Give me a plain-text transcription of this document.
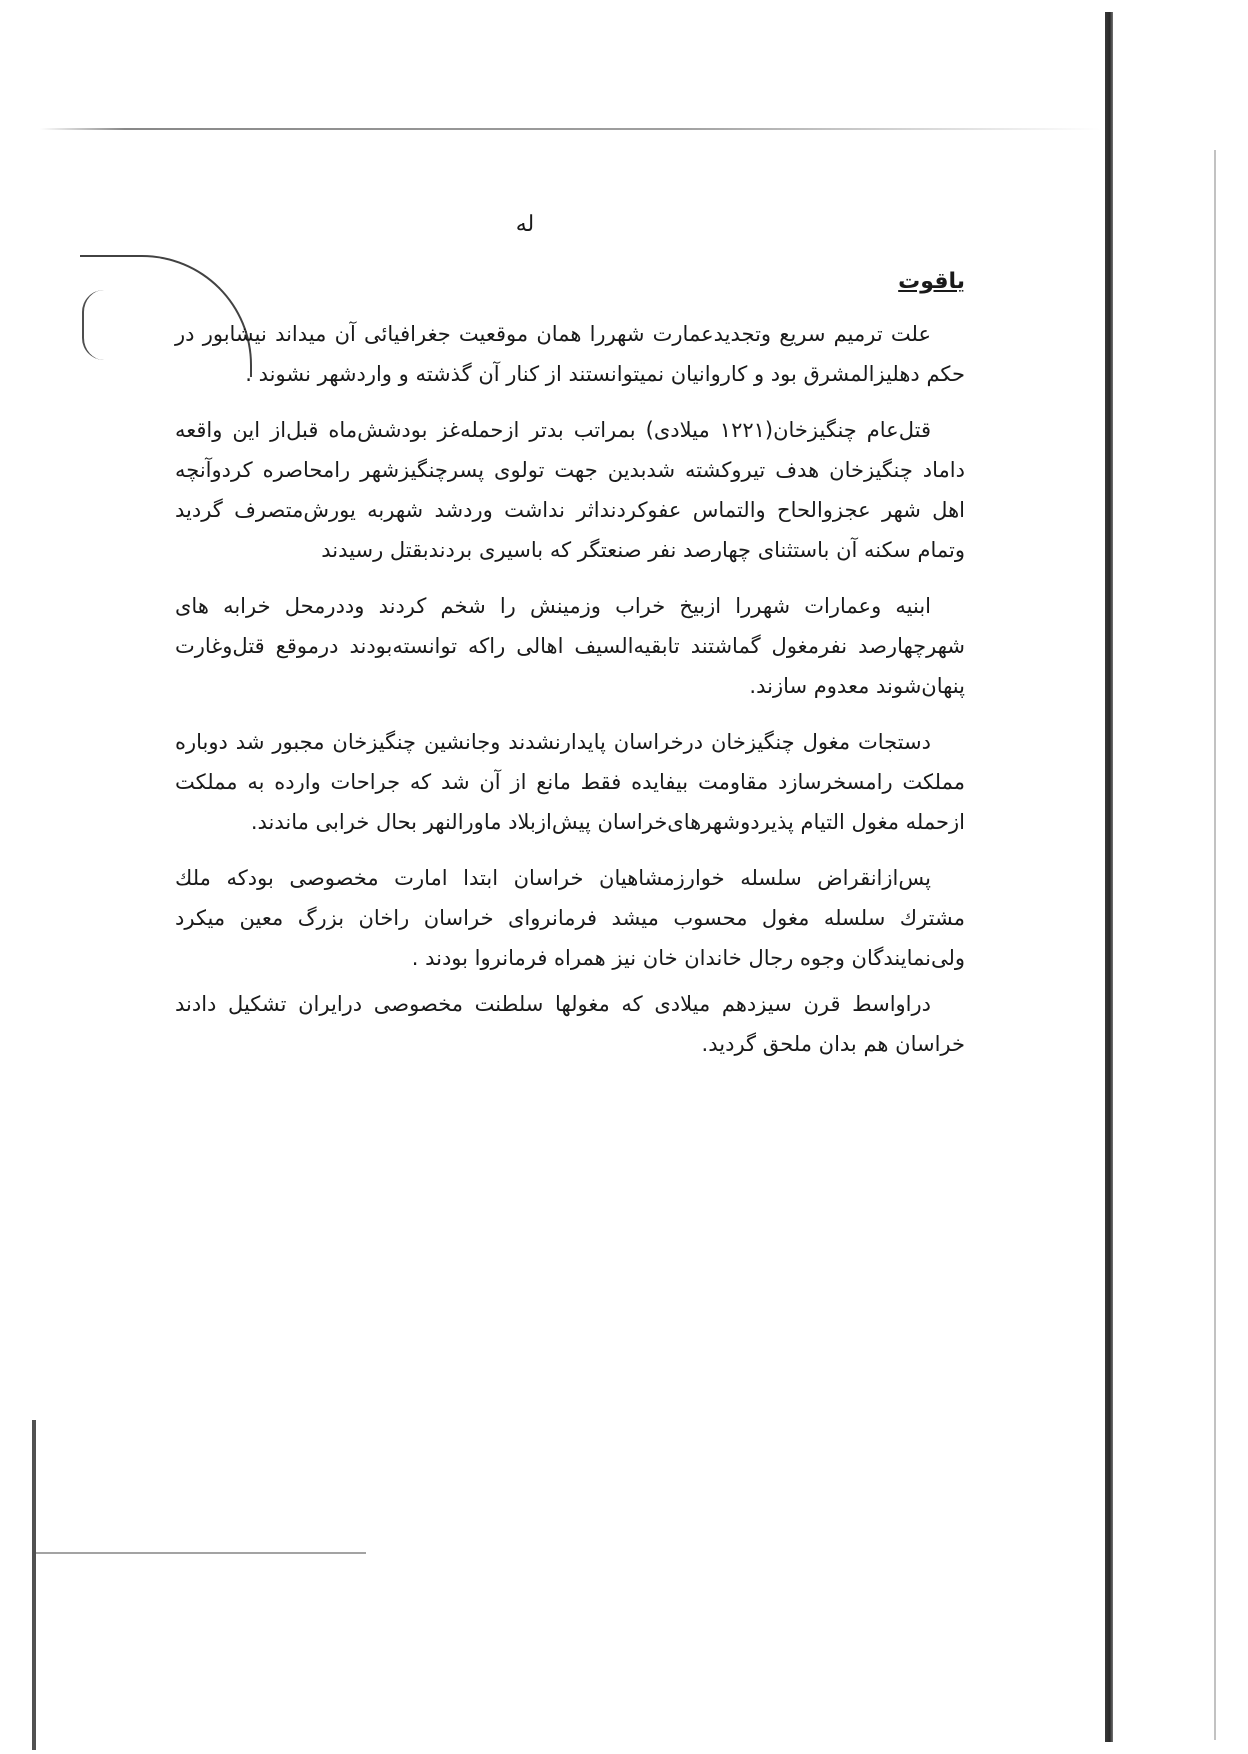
له
یاقوت

علت ترمیم سریع وتجدیدعمارت شهررا همان موقعیت جغرافیائی آن میداند نیشابور در حکم دهلیزالمشرق بود و کاروانیان نمیتوانستند از کنار آن گذشته و واردشهر نشوند .

قتل‌عام چنگیزخان(۱۲۲۱ میلادی) بمراتب بدتر ازحمله‌غز بودشش‌ماه قبل‌از این واقعه داماد چنگیزخان هدف تیروکشته شدبدین جهت تولوی پسرچنگیزشهر رامحاصره کردوآنچه اهل شهر عجزوالحاح والتماس عفوکردنداثر نداشت وردشد شهربه یورش‌متصرف گردید وتمام سکنه آن باستثنای چهارصد نفر صنعتگر که باسیری بردندبقتل رسیدند

ابنیه وعمارات شهررا ازبیخ خراب وزمینش را شخم کردند وددرمحل خرابه های شهرچهارصد نفرمغول گماشتند تابقیه‌السیف اهالی راکه توانسته‌بودند درموقع قتل‌وغارت پنهان‌شوند معدوم سازند.

دستجات مغول چنگیزخان درخراسان پایدارنشدند وجانشین چنگیزخان مجبور شد دوباره مملکت رامسخرسازد مقاومت بیفایده فقط مانع از آن شد که جراحات وارده به مملکت ازحمله مغول التیام پذیردوشهرهای‌خراسان پیش‌ازبلاد ماورالنهر بحال خرابی ماندند.

پس‌ازانقراض سلسله خوارزمشاهیان خراسان ابتدا امارت مخصوصی بودکه ملك مشترك سلسله مغول محسوب میشد فرمانروای خراسان راخان بزرگ معین میکرد ولی‌نمایندگان وجوه رجال خاندان خان نیز همراه فرمانروا بودند .

دراواسط قرن سیزدهم میلادی که مغولها سلطنت مخصوصی درایران تشکیل دادند خراسان هم بدان ملحق گردید.
